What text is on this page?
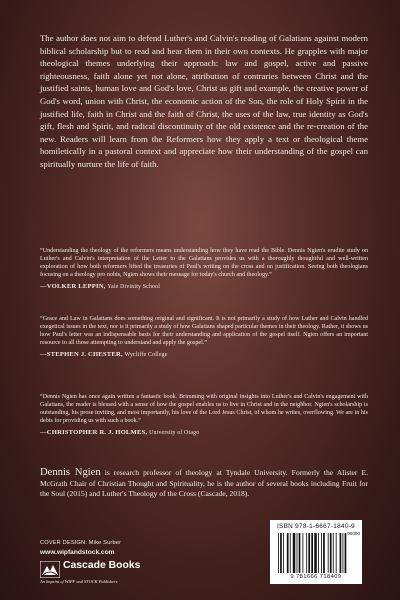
The author does not aim to defend Luther's and Calvin's reading of Galatians against modern biblical scholarship but to read and hear them in their own contexts. He grapples with major theological themes underlying their approach: law and gospel, active and passive righteousness, faith alone yet not alone, attribution of contraries between Christ and the justified saints, human love and God's love, Christ as gift and example, the creative power of God's word, union with Christ, the economic action of the Son, the role of Holy Spirit in the justified life, faith in Christ and the faith of Christ, the uses of the law, true identity as God's gift, flesh and Spirit, and radical discontinuity of the old existence and the re-creation of the new. Readers will learn from the Reformers how they apply a text or theological theme homiletically in a pastoral context and appreciate how their understanding of the gospel can spiritually nurture the life of faith.

“Understanding the theology of the reformers means understanding how they have read the Bible. Dennis Ngien's erudite study on Luther's and Calvin's interpretation of the Letter to the Galatians provides us with a thoroughly thoughtful and well-written exploration of how both reformers lifted the treasuries of Paul's writing on the cross and on justification. Seeing both theologians focusing on a theology pro nobis, Ngien shows their message for today's church and theology.”

—VOLKER LEPPIN, Yale Divinity School

“Grace and Law in Galatians does something original and significant. It is not primarily a study of how Luther and Calvin handled exegetical issues in the text, nor is it primarily a study of how Galatians shaped particular themes in their theology. Rather, it shows us how Paul's letter was an indispensable basis for their understanding and application of the gospel itself. Ngien offers an important resource to all those attempting to understand and apply the gospel.”

—STEPHEN J. CHESTER, Wycliffe College

“Dennis Ngien has once again written a fantastic book. Brimming with original insights into Luther's and Calvin's engagement with Galatians, the reader is blessed with a sense of how the gospel enables us to live in Christ and in the neighbor. Ngien's scholarship is outstanding, his prose inviting, and most importantly, his love of the Lord Jesus Christ, of whom he writes, overflowing. We are in his debts for providing us with such a book.”

—CHRISTOPHER R. J. HOLMES, University of Otago

Dennis Ngien is research professor of theology at Tyndale University. Formerly the Alister E. McGrath Chair of Christian Thought and Spirituality, he is the author of several books including Fruit for the Soul (2015) and Luther's Theology of the Cross (Cascade, 2018).
COVER DESIGN: Mike Surber
www.wipfandstock.com
Cascade Books
An Imprint of WIPF and STOCK Publishers
ISBN 978-1-6667-1840-9
90000
9 781666 718409
